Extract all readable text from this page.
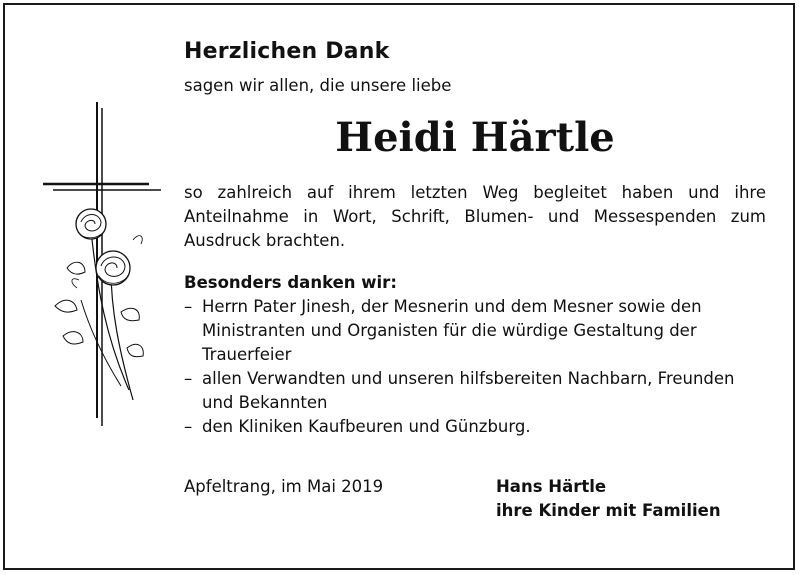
Herzlichen Dank

sagen wir allen, die unsere liebe

Heidi Härtle

so zahlreich auf ihrem letzten Weg begleitet haben und ihre Anteilnahme in Wort, Schrift, Blumen- und Messespenden zum Ausdruck brachten.

Besonders danken wir:

– Herrn Pater Jinesh, der Mesnerin und dem Mesner sowie den Ministranten und Organisten für die würdige Gestaltung der Trauerfeier
– allen Verwandten und unseren hilfsbereiten Nachbarn, Freunden und Bekannten
– den Kliniken Kaufbeuren und Günzburg.
Apfeltrang, im Mai 2019	Hans Härtle
ihre Kinder mit Familien
